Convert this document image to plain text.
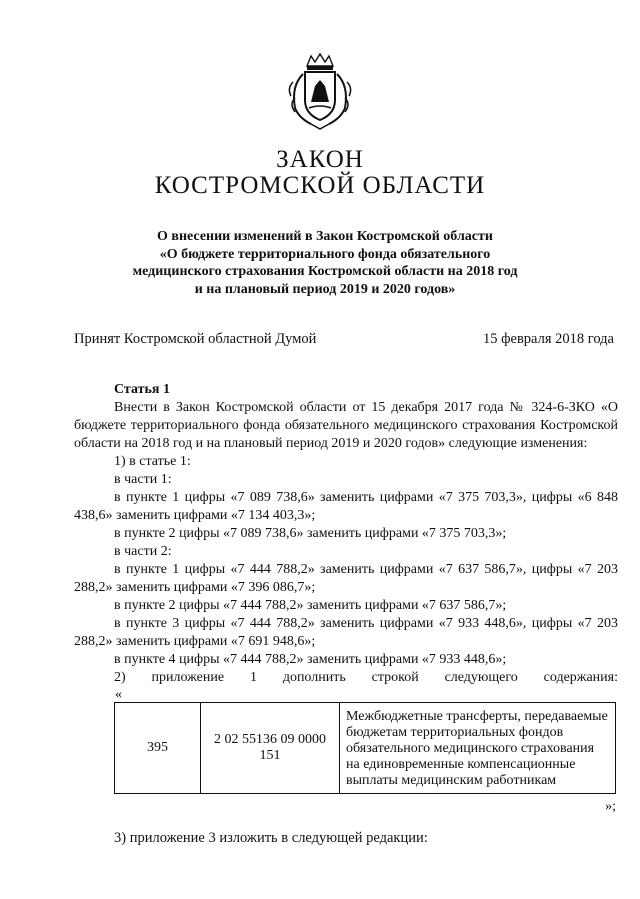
ЗАКОН
КОСТРОМСКОЙ ОБЛАСТИ
О внесении изменений в Закон Костромской области
«О бюджете территориального фонда обязательного
медицинского страхования Костромской области на 2018 год
и на плановый период 2019 и 2020 годов»
Принят Костромской областной Думой	15 февраля 2018 года

Статья 1

Внести в Закон Костромской области от 15 декабря 2017 года № 324-6-ЗКО «О бюджете территориального фонда обязательного медицинского страхования Костромской области на 2018 год и на плановый период 2019 и 2020 годов» следующие изменения:

1) в статье 1:

в части 1:

в пункте 1 цифры «7 089 738,6» заменить цифрами «7 375 703,3», цифры «6 848 438,6» заменить цифрами «7 134 403,3»;

в пункте 2 цифры «7 089 738,6» заменить цифрами «7 375 703,3»;

в части 2:

в пункте 1 цифры «7 444 788,2» заменить цифрами «7 637 586,7», цифры «7 203 288,2» заменить цифрами «7 396 086,7»;

в пункте 2 цифры «7 444 788,2» заменить цифрами «7 637 586,7»;

в пункте 3 цифры «7 444 788,2» заменить цифрами «7 933 448,6», цифры «7 203 288,2» заменить цифрами «7 691 948,6»;

в пункте 4 цифры «7 444 788,2» заменить цифрами «7 933 448,6»;

2) приложение 1 дополнить строкой следующего содержания:

«
395	2 02 55136 09 0000 151	Межбюджетные трансферты, передаваемые бюджетам территориальных фондов обязательного медицинского страхования на единовременные компенсационные выплаты медицинским работникам
»;
3) приложение 3 изложить в следующей редакции:
